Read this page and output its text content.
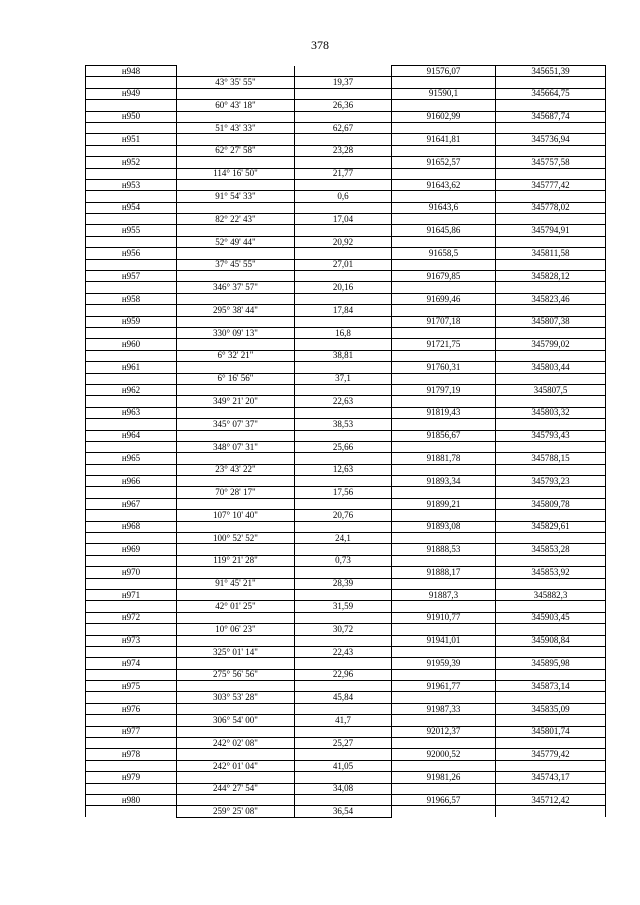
378
н948			91576,07	345651,39
	43° 35' 55"	19,37		
н949			91590,1	345664,75
	60° 43' 18"	26,36		
н950			91602,99	345687,74
	51° 43' 33"	62,67		
н951			91641,81	345736,94
	62° 27' 58"	23,28		
н952			91652,57	345757,58
	114° 16' 50"	21,77		
н953			91643,62	345777,42
	91° 54' 33"	0,6		
н954			91643,6	345778,02
	82° 22' 43"	17,04		
н955			91645,86	345794,91
	52° 49' 44"	20,92		
н956			91658,5	345811,58
	37° 45' 55"	27,01		
н957			91679,85	345828,12
	346° 37' 57"	20,16		
н958			91699,46	345823,46
	295° 38' 44"	17,84		
н959			91707,18	345807,38
	330° 09' 13"	16,8		
н960			91721,75	345799,02
	6° 32' 21"	38,81		
н961			91760,31	345803,44
	6° 16' 56"	37,1		
н962			91797,19	345807,5
	349° 21' 20"	22,63		
н963			91819,43	345803,32
	345° 07' 37"	38,53		
н964			91856,67	345793,43
	348° 07' 31"	25,66		
н965			91881,78	345788,15
	23° 43' 22"	12,63		
н966			91893,34	345793,23
	70° 28' 17"	17,56		
н967			91899,21	345809,78
	107° 10' 40"	20,76		
н968			91893,08	345829,61
	100° 52' 52"	24,1		
н969			91888,53	345853,28
	119° 21' 28"	0,73		
н970			91888,17	345853,92
	91° 45' 21"	28,39		
н971			91887,3	345882,3
	42° 01' 25"	31,59		
н972			91910,77	345903,45
	10° 06' 23"	30,72		
н973			91941,01	345908,84
	325° 01' 14"	22,43		
н974			91959,39	345895,98
	275° 56' 56"	22,96		
н975			91961,77	345873,14
	303° 53' 28"	45,84		
н976			91987,33	345835,09
	306° 54' 00"	41,7		
н977			92012,37	345801,74
	242° 02' 08"	25,27		
н978			92000,52	345779,42
	242° 01' 04"	41,05		
н979			91981,26	345743,17
	244° 27' 54"	34,08		
н980			91966,57	345712,42
	259° 25' 08"	36,54		
